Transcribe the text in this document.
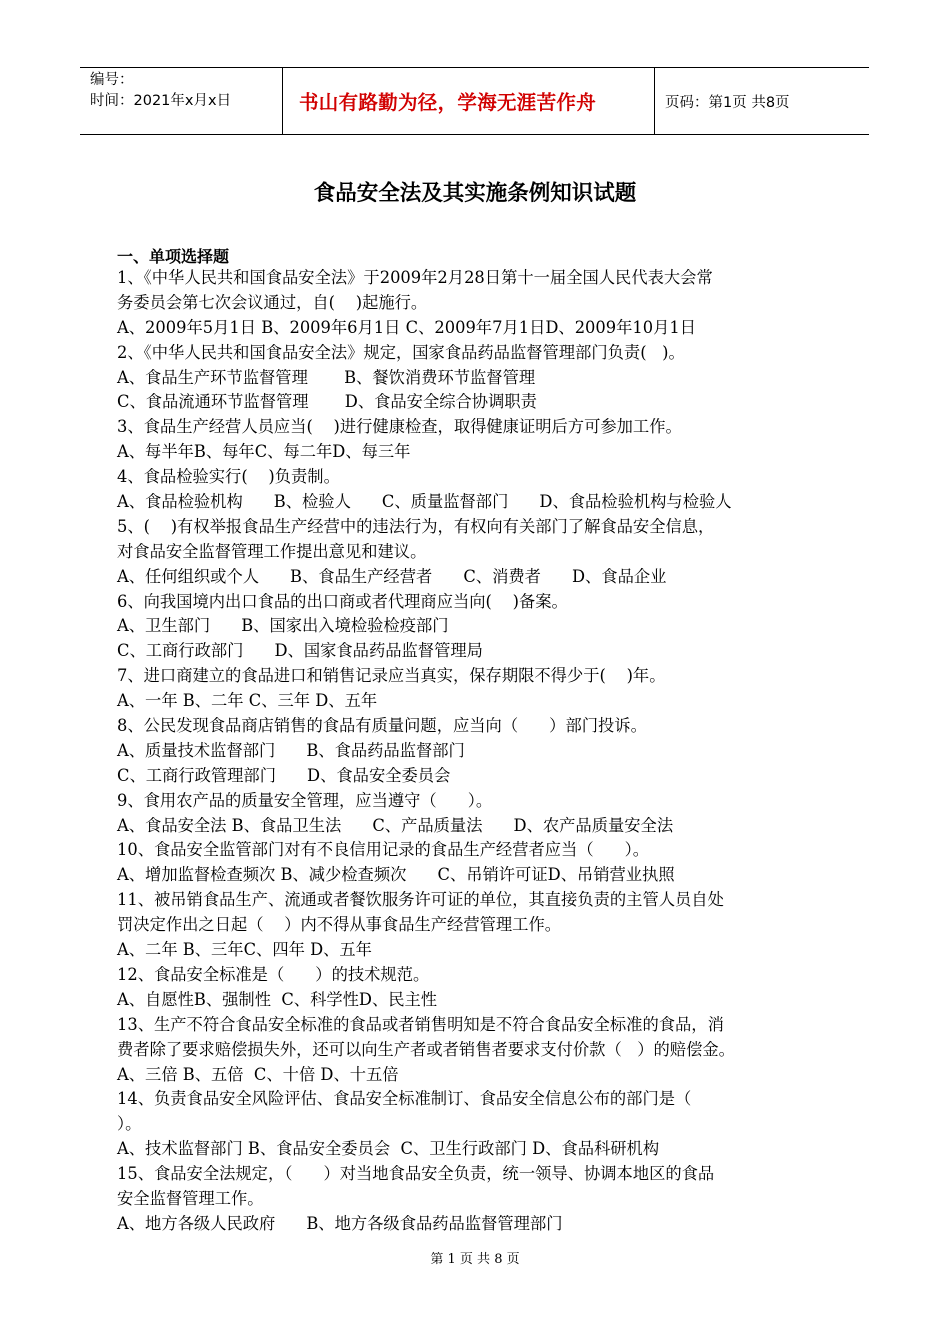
编号：
时间：2021年x月x日	书山有路勤为径，学海无涯苦作舟	页码：第1页 共8页
食品安全法及其实施条例知识试题
一、单项选择题
1、《中华人民共和国食品安全法》于2009年2月28日第十一届全国人民代表大会常
务委员会第七次会议通过，自(    )起施行。
A、2009年5月1日 B、2009年6月1日 C、2009年7月1日D、2009年10月1日
2、《中华人民共和国食品安全法》规定，国家食品药品监督管理部门负责(   )。
A、食品生产环节监督管理       B、餐饮消费环节监督管理
C、食品流通环节监督管理       D、食品安全综合协调职责
3、食品生产经营人员应当(    )进行健康检查，取得健康证明后方可参加工作。
A、每半年B、每年C、每二年D、每三年
4、食品检验实行(    )负责制。
A、食品检验机构      B、检验人      C、质量监督部门      D、食品检验机构与检验人
5、(    )有权举报食品生产经营中的违法行为，有权向有关部门了解食品安全信息，
对食品安全监督管理工作提出意见和建议。
A、任何组织或个人      B、食品生产经营者      C、消费者      D、食品企业
6、向我国境内出口食品的出口商或者代理商应当向(    )备案。
A、卫生部门      B、国家出入境检验检疫部门
C、工商行政部门      D、国家食品药品监督管理局
7、进口商建立的食品进口和销售记录应当真实，保存期限不得少于(    )年。
A、一年 B、二年 C、三年 D、五年
8、公民发现食品商店销售的食品有质量问题，应当向（      ）部门投诉。
A、质量技术监督部门      B、食品药品监督部门
C、工商行政管理部门      D、食品安全委员会
9、食用农产品的质量安全管理，应当遵守（      ）。
A、食品安全法 B、食品卫生法      C、产品质量法      D、农产品质量安全法
10、食品安全监管部门对有不良信用记录的食品生产经营者应当（      ）。
A、增加监督检查频次 B、减少检查频次      C、吊销许可证D、吊销营业执照
11、被吊销食品生产、流通或者餐饮服务许可证的单位，其直接负责的主管人员自处
罚决定作出之日起（    ）内不得从事食品生产经营管理工作。
A、二年 B、三年C、四年 D、五年
12、食品安全标准是（      ）的技术规范。
A、自愿性B、强制性  C、科学性D、民主性
13、生产不符合食品安全标准的食品或者销售明知是不符合食品安全标准的食品，消
费者除了要求赔偿损失外，还可以向生产者或者销售者要求支付价款（   ）的赔偿金。
A、三倍 B、五倍  C、十倍 D、十五倍
14、负责食品安全风险评估、食品安全标准制订、食品安全信息公布的部门是（
）。
A、技术监督部门 B、食品安全委员会  C、卫生行政部门 D、食品科研机构
15、食品安全法规定，（      ）对当地食品安全负责，统一领导、协调本地区的食品
安全监督管理工作。
A、地方各级人民政府      B、地方各级食品药品监督管理部门
第 1 页 共 8 页
